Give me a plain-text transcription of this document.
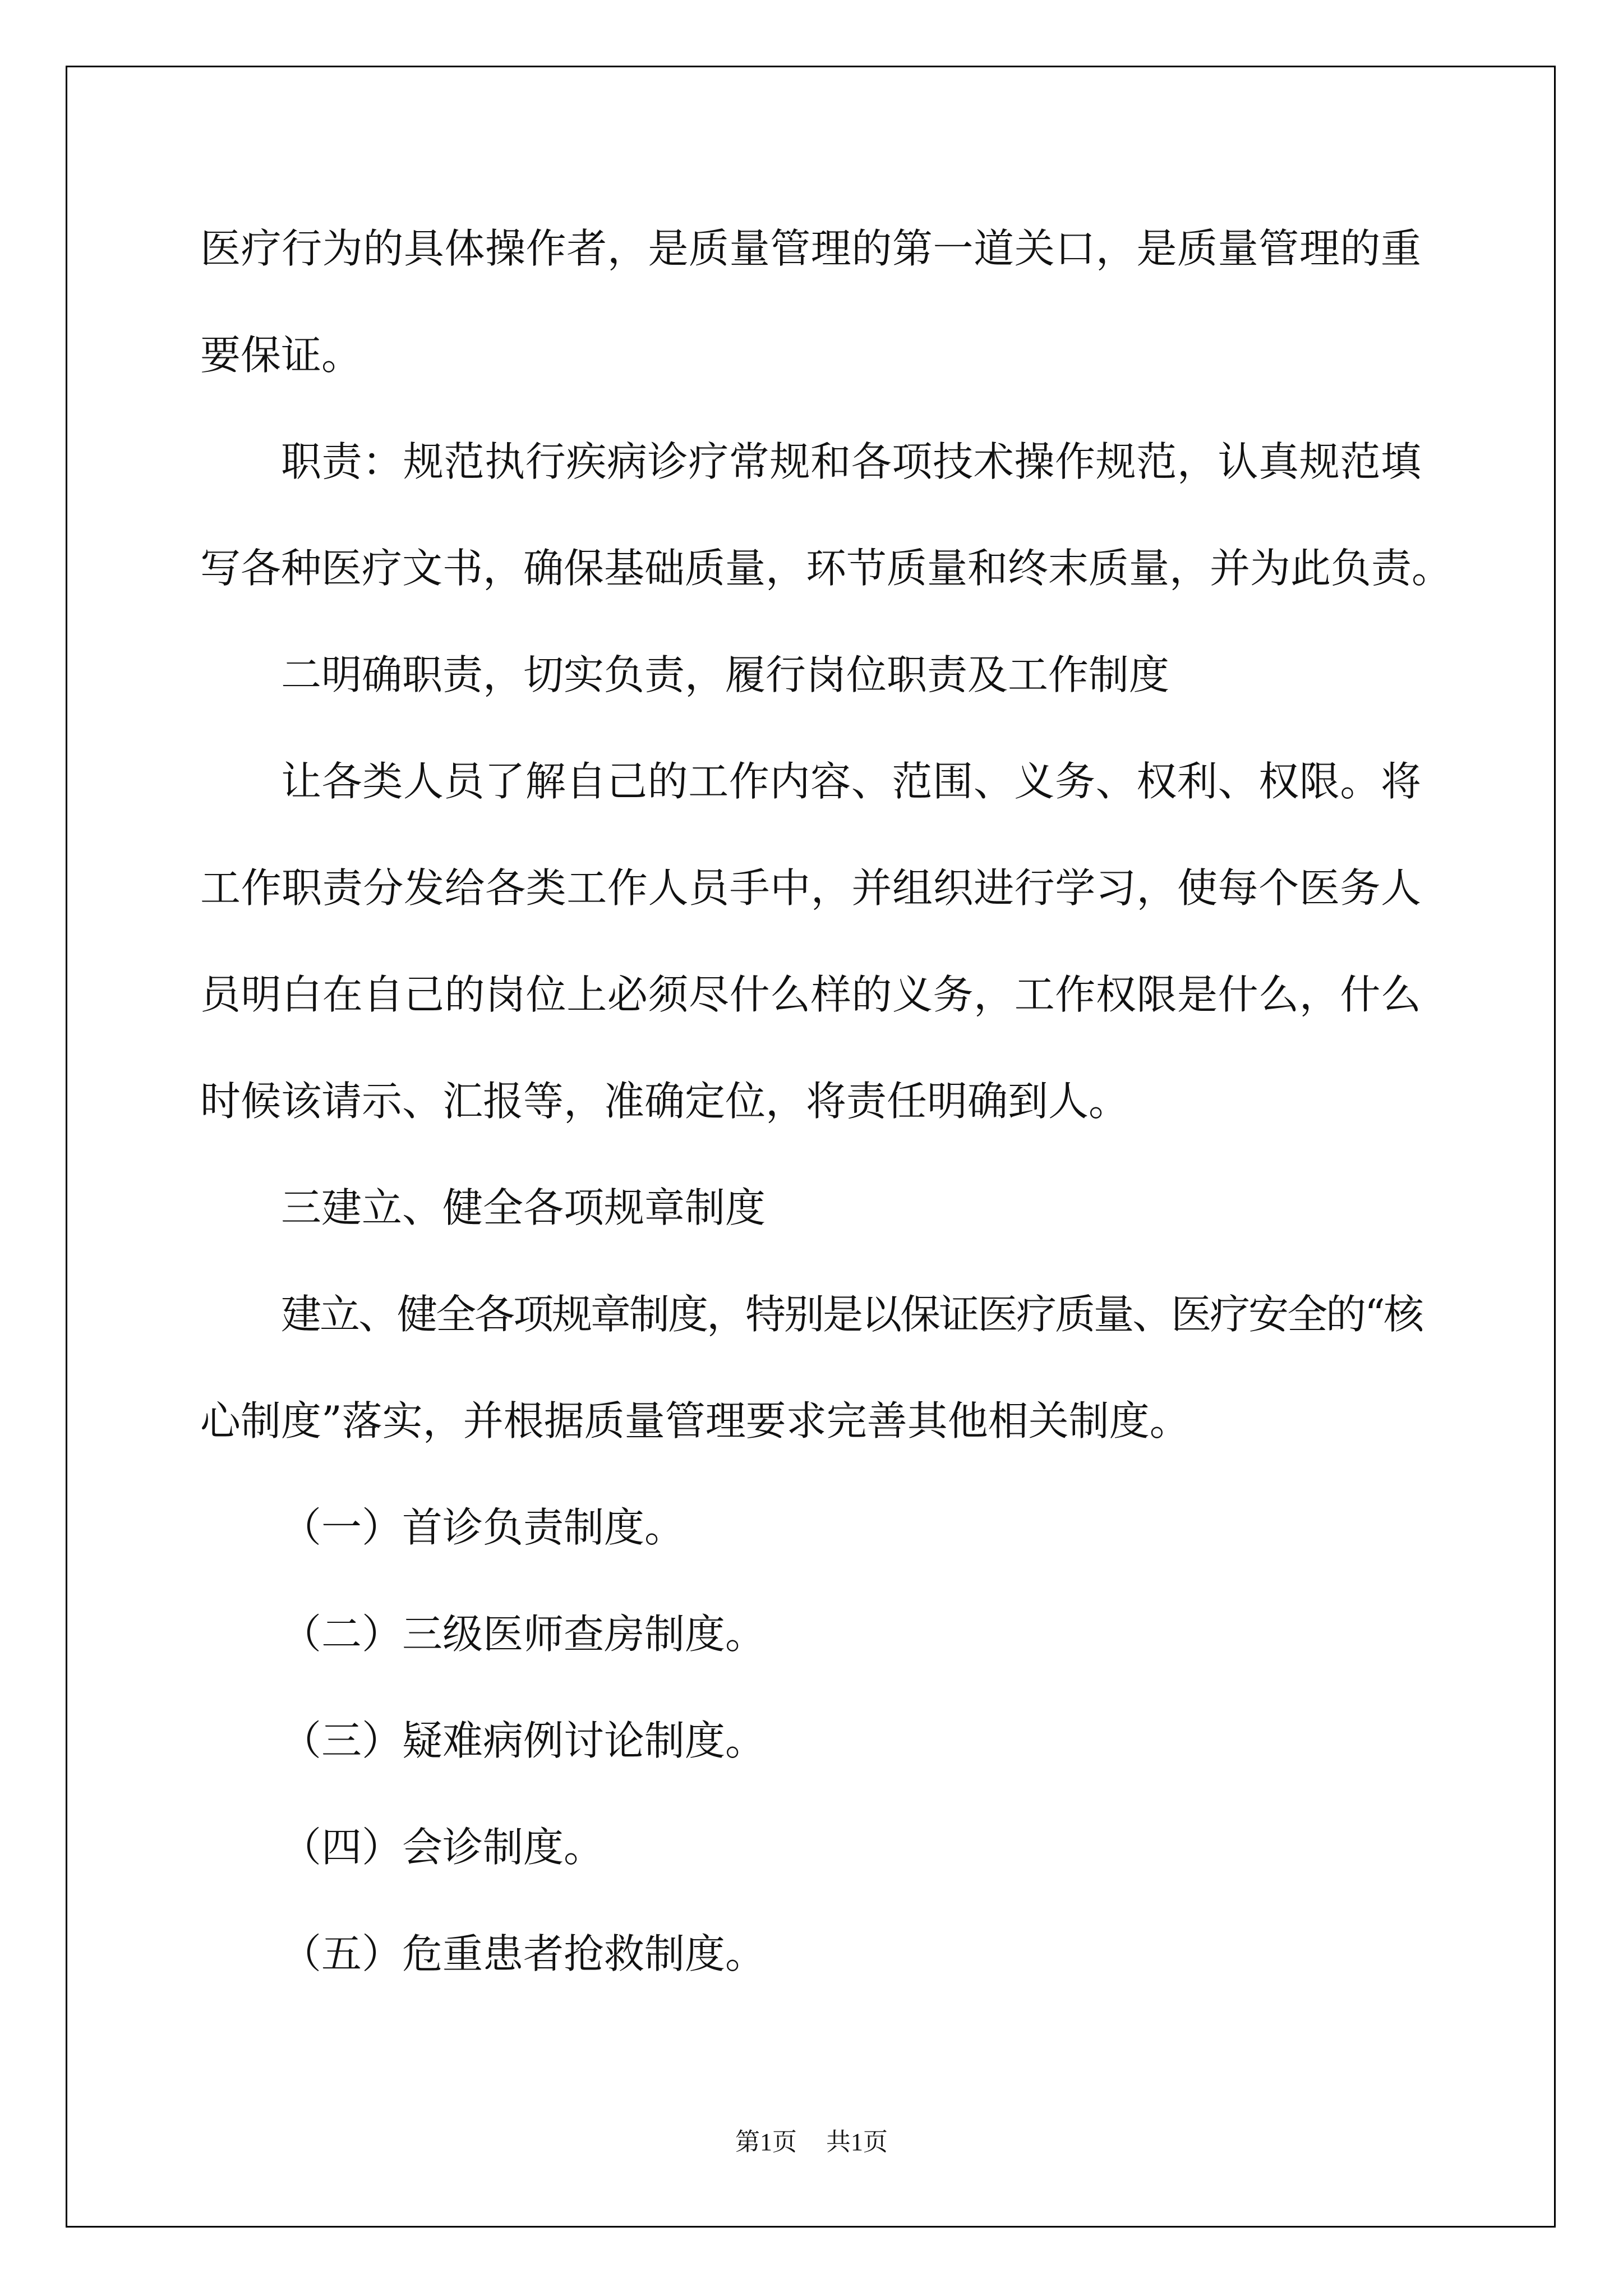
医疗行为的具体操作者，是质量管理的第一道关口，是质量管理的重

要保证。

职责：规范执行疾病诊疗常规和各项技术操作规范，认真规范填

写各种医疗文书，确保基础质量，环节质量和终末质量，并为此负责。

二明确职责，切实负责，履行岗位职责及工作制度

让各类人员了解自己的工作内容、范围、义务、权利、权限。将

工作职责分发给各类工作人员手中，并组织进行学习，使每个医务人

员明白在自己的岗位上必须尽什么样的义务，工作权限是什么，什么

时候该请示、汇报等，准确定位，将责任明确到人。

三建立、健全各项规章制度

建立、健全各项规章制度，特别是以保证医疗质量、医疗安全的“核

心制度”落实，并根据质量管理要求完善其他相关制度。

（一）首诊负责制度。

（二）三级医师查房制度。

（三）疑难病例讨论制度。

（四）会诊制度。

（五）危重患者抢救制度。

第1页 共1页
